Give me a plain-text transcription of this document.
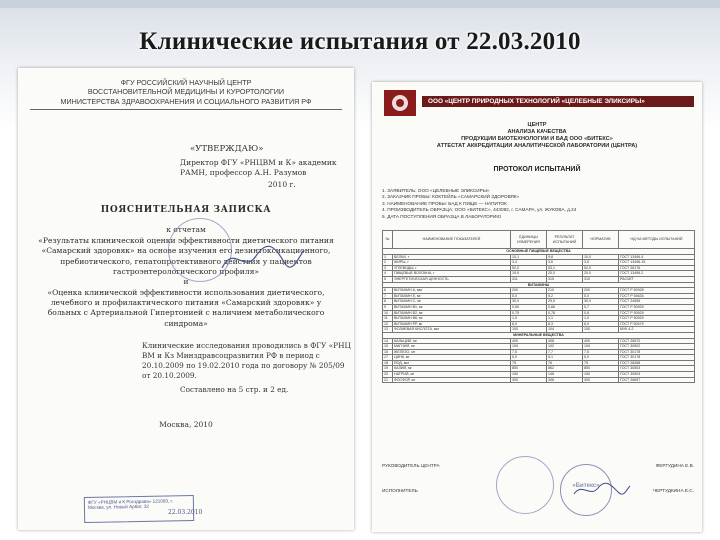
Клинические испытания от 22.03.2010
ФГУ РОССИЙСКИЙ НАУЧНЫЙ ЦЕНТР
ВОССТАНОВИТЕЛЬНОЙ МЕДИЦИНЫ И КУРОРТОЛОГИИ
МИНИСТЕРСТВА ЗДРАВООХРАНЕНИЯ И СОЦИАЛЬНОГО РАЗВИТИЯ РФ
«УТВЕРЖДАЮ»
Директор ФГУ «РНЦВМ и К» академик РАМН, профессор А.Н. Разумов
2010 г.
ПОЯСНИТЕЛЬНАЯ ЗАПИСКА
к отчетам
«Результаты клинической оценки эффективности диетического питания «Самарский здоровяк» на основе изучения его дезинтоксикационного, пребиотического, гепатопротективного действия у пациентов гастроэнтерологического профиля»
и
«Оценка клинической эффективности использования диетического, лечебного и профилактического питания «Самарский здоровяк» у больных с Артериальной Гипертонией с наличием метаболического синдрома»
Клинические исследования проводились в ФГУ «РНЦ ВМ и Кз Минздравсоцразвития РФ в период с 20.10.2009 по 19.02.2010 года по договору № 205/09 от 20.10.2009.
Составлено на 5 стр. и 2 ед.
Москва, 2010
ФГУ «РНЦВМ и К Росздрава» 121069, г. Москва, ул. Новый Арбат, 32
22.03.2010
ООО «ЦЕНТР ПРИРОДНЫХ ТЕХНОЛОГИЙ «ЦЕЛЕБНЫЕ ЭЛИКСИРЫ»
ЦЕНТР
АНАЛИЗА КАЧЕСТВА
ПРОДУКЦИИ БИОТЕХНОЛОГИИ И БАД ООО «БИТЕКС»
АТТЕСТАТ АККРЕДИТАЦИИ АНАЛИТИЧЕСКОЙ ЛАБОРАТОРИИ (ЦЕНТРА)
ПРОТОКОЛ ИСПЫТАНИЙ
1. ЗАЯВИТЕЛЬ: ООО «ЦЕЛЕБНЫЕ ЭЛИКСИРЫ»
2. ЗАКАЗЧИК ПРОБЫ: КОКТЕЙЛЬ «САМАРСКИЙ ЗДОРОВЯК»
3. НАИМЕНОВАНИЕ ПРОБЫ: БАД К ПИЩЕ — НАПИТОК
4. ПРОИЗВОДИТЕЛЬ ОБРАЗЦА: ООО «БИТЕКС», 443082, г. САМАРА, ул. ЖУКОВА, д.24
5. ДАТА ПОСТУПЛЕНИЯ ОБРАЗЦА В ЛАБОРАТОРИЮ
№	НАИМЕНОВАНИЕ ПОКАЗАТЕЛЕЙ	ЕДИНИЦЫ ИЗМЕРЕНИЯ	РЕЗУЛЬТАТ ИСПЫТАНИЙ	НОРМАТИВ	НД НА МЕТОДЫ ИСПЫТАНИЙ
ОСНОВНЫЕ ПИЩЕВЫЕ ВЕЩЕСТВА					
1	БЕЛКИ, г	10,1	9,8	10,0	ГОСТ 13496.4
2	ЖИРЫ, г	3,4	3,6	3,5	ГОСТ 13496.15
3	УГЛЕВОДЫ, г	52,0	53,1	52,0	ГОСТ 26176
4	ПИЩЕВЫЕ ВОЛОКНА, г	19,9	20,0	20,0	ГОСТ 13496.2
5	ЭНЕРГЕТИЧЕСКАЯ ЦЕННОСТЬ	311	315	310	РАСЧЕТ
ВИТАМИНЫ					
6	ВИТАМИН А, мкг	200	210	200	ГОСТ Р 50928
7	ВИТАМИН Е, мг	5,0	5,2	5,0	ГОСТ Р 54634
8	ВИТАМИН С, мг	30,0	29,5	30,0	ГОСТ 24556
9	ВИТАМИН В1, мг	0,65	0,66	0,7	ГОСТ Р 50929
10	ВИТАМИН В2, мг	0,75	0,78	0,8	ГОСТ Р 50929
11	ВИТАМИН В6, мг	1,0	1,1	1,0	ГОСТ Р 50929
12	ВИТАМИН РР, мг	8,0	8,3	8,0	ГОСТ Р 50479
13	ФОЛИЕВАЯ КИСЛОТА, мкг	100	104	100	МУК 4.2
МИНЕРАЛЬНЫЕ ВЕЩЕСТВА					
14	КАЛЬЦИЙ, мг	400	408	400	ГОСТ 26570
15	МАГНИЙ, мг	100	102	100	ГОСТ 30502
16	ЖЕЛЕЗО, мг	7,5	7,7	7,5	ГОСТ 30178
17	ЦИНК, мг	5,0	5,1	5,0	ГОСТ 30178
18	ЙОД, мкг	75	76	75	ГОСТ 28458
19	КАЛИЙ, мг	850	862	850	ГОСТ 30503
20	НАТРИЙ, мг	150	148	150	ГОСТ 30503
21	ФОСФОР, мг	300	306	300	ГОСТ 26657
РУКОВОДИТЕЛЬ ЦЕНТРА	ФЕРГУДИНА Е.В.
ИСПОЛНИТЕЛЬ	ЧЕРТУДКИНА Е.С.
«Битекс»
